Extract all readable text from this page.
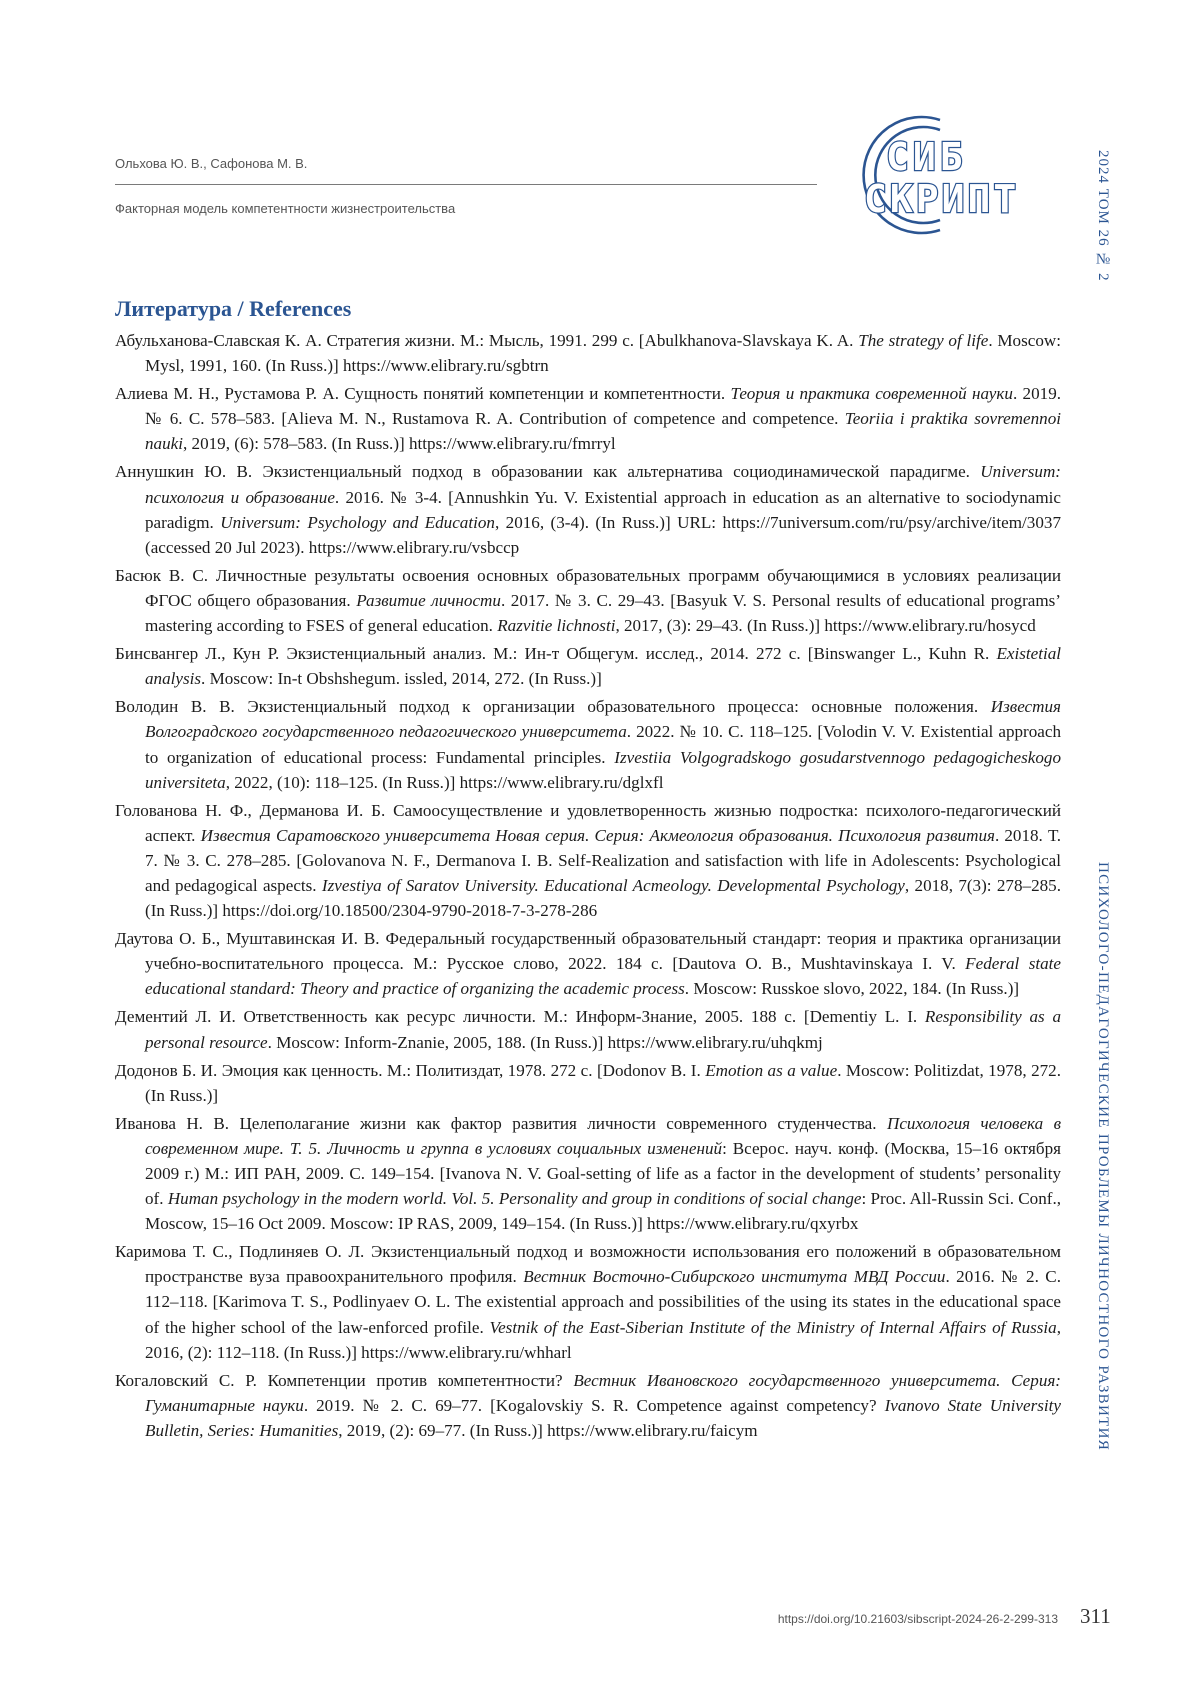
Ольхова Ю. В., Сафонова М. В.
Факторная модель компетентности жизнестроительства
СИБ
СКРИПТ	2024 ТОМ 26 № 2
ПСИХОЛОГО-ПЕДАГОГИЧЕСКИЕ ПРОБЛЕМЫ ЛИЧНОСТНОГО РАЗВИТИЯ
Литература / References
Абульханова-Славская К. А. Стратегия жизни. М.: Мысль, 1991. 299 с. [Abulkhanova-Slavskaya K. A. The strategy of life. Moscow: Mysl, 1991, 160. (In Russ.)] https://www.elibrary.ru/sgbtrn
Алиева М. Н., Рустамова Р. А. Сущность понятий компетенции и компетентности. Теория и практика современной науки. 2019. № 6. С. 578–583. [Alieva M. N., Rustamova R. A. Contribution of competence and competence. Teoriia i praktika sovremennoi nauki, 2019, (6): 578–583. (In Russ.)] https://www.elibrary.ru/fmrryl
Аннушкин Ю. В. Экзистенциальный подход в образовании как альтернатива социодинамической парадигме. Universum: психология и образование. 2016. № 3-4. [Annushkin Yu. V. Existential approach in education as an alternative to sociodynamic paradigm. Universum: Psychology and Education, 2016, (3-4). (In Russ.)] URL: https://7universum.com/ru/psy/archive/item/3037 (accessed 20 Jul 2023). https://www.elibrary.ru/vsbccp
Басюк В. С. Личностные результаты освоения основных образовательных программ обучающимися в условиях реализации ФГОС общего образования. Развитие личности. 2017. № 3. С. 29–43. [Basyuk V. S. Personal results of educational programs’ mastering according to FSES of general education. Razvitie lichnosti, 2017, (3): 29–43. (In Russ.)] https://www.elibrary.ru/hosycd
Бинсвангер Л., Кун Р. Экзистенциальный анализ. М.: Ин-т Общегум. исслед., 2014. 272 с. [Binswanger L., Kuhn R. Existetial analysis. Moscow: In-t Obshshegum. issled, 2014, 272. (In Russ.)]
Володин В. В. Экзистенциальный подход к организации образовательного процесса: основные положения. Известия Волгоградского государственного педагогического университета. 2022. № 10. С. 118–125. [Volodin V. V. Existential approach to organization of educational process: Fundamental principles. Izvestiia Volgogradskogo gosudarstvennogo pedagogicheskogo universiteta, 2022, (10): 118–125. (In Russ.)] https://www.elibrary.ru/dglxfl
Голованова Н. Ф., Дерманова И. Б. Самоосуществление и удовлетворенность жизнью подростка: психолого-педагогический аспект. Известия Саратовского университета Новая серия. Серия: Акмеология образования. Психология развития. 2018. Т. 7. № 3. С. 278–285. [Golovanova N. F., Dermanova I. B. Self-Realization and satisfaction with life in Adolescents: Psychological and pedagogical aspects. Izvestiya of Saratov University. Educational Acmeology. Developmental Psychology, 2018, 7(3): 278–285. (In Russ.)] https://doi.org/10.18500/2304-9790-2018-7-3-278-286
Даутова О. Б., Муштавинская И. В. Федеральный государственный образовательный стандарт: теория и практика организации учебно-воспитательного процесса. М.: Русское слово, 2022. 184 с. [Dautova O. B., Mushtavinskaya I. V. Federal state educational standard: Theory and practice of organizing the academic process. Moscow: Russkoe slovo, 2022, 184. (In Russ.)]
Дементий Л. И. Ответственность как ресурс личности. М.: Информ-Знание, 2005. 188 с. [Dementiy L. I. Responsibility as a personal resource. Moscow: Inform-Znanie, 2005, 188. (In Russ.)] https://www.elibrary.ru/uhqkmj
Додонов Б. И. Эмоция как ценность. М.: Политиздат, 1978. 272 с. [Dodonov B. I. Emotion as a value. Moscow: Politizdat, 1978, 272. (In Russ.)]
Иванова Н. В. Целеполагание жизни как фактор развития личности современного студенчества. Психология человека в современном мире. Т. 5. Личность и группа в условиях социальных изменений: Всерос. науч. конф. (Москва, 15–16 октября 2009 г.) М.: ИП РАН, 2009. С. 149–154. [Ivanova N. V. Goal-setting of life as a factor in the development of students’ personality of. Human psychology in the modern world. Vol. 5. Personality and group in conditions of social change: Proc. All-Russin Sci. Conf., Moscow, 15–16 Oct 2009. Moscow: IP RAS, 2009, 149–154. (In Russ.)] https://www.elibrary.ru/qxyrbx
Каримова Т. С., Подлиняев О. Л. Экзистенциальный подход и возможности использования его положений в образовательном пространстве вуза правоохранительного профиля. Вестник Восточно-Сибирского института МВД России. 2016. № 2. С. 112–118. [Karimova T. S., Podlinyaev O. L. The existential approach and possibilities of the using its states in the educational space of the higher school of the law-enforced profile. Vestnik of the East-Siberian Institute of the Ministry of Internal Affairs of Russia, 2016, (2): 112–118. (In Russ.)] https://www.elibrary.ru/whharl
Когаловский С. Р. Компетенции против компетентности? Вестник Ивановского государственного университета. Серия: Гуманитарные науки. 2019. № 2. С. 69–77. [Kogalovskiy S. R. Competence against competency? Ivanovo State University Bulletin, Series: Humanities, 2019, (2): 69–77. (In Russ.)] https://www.elibrary.ru/faicym
https://doi.org/10.21603/sibscript-2024-26-2-299-313 311
